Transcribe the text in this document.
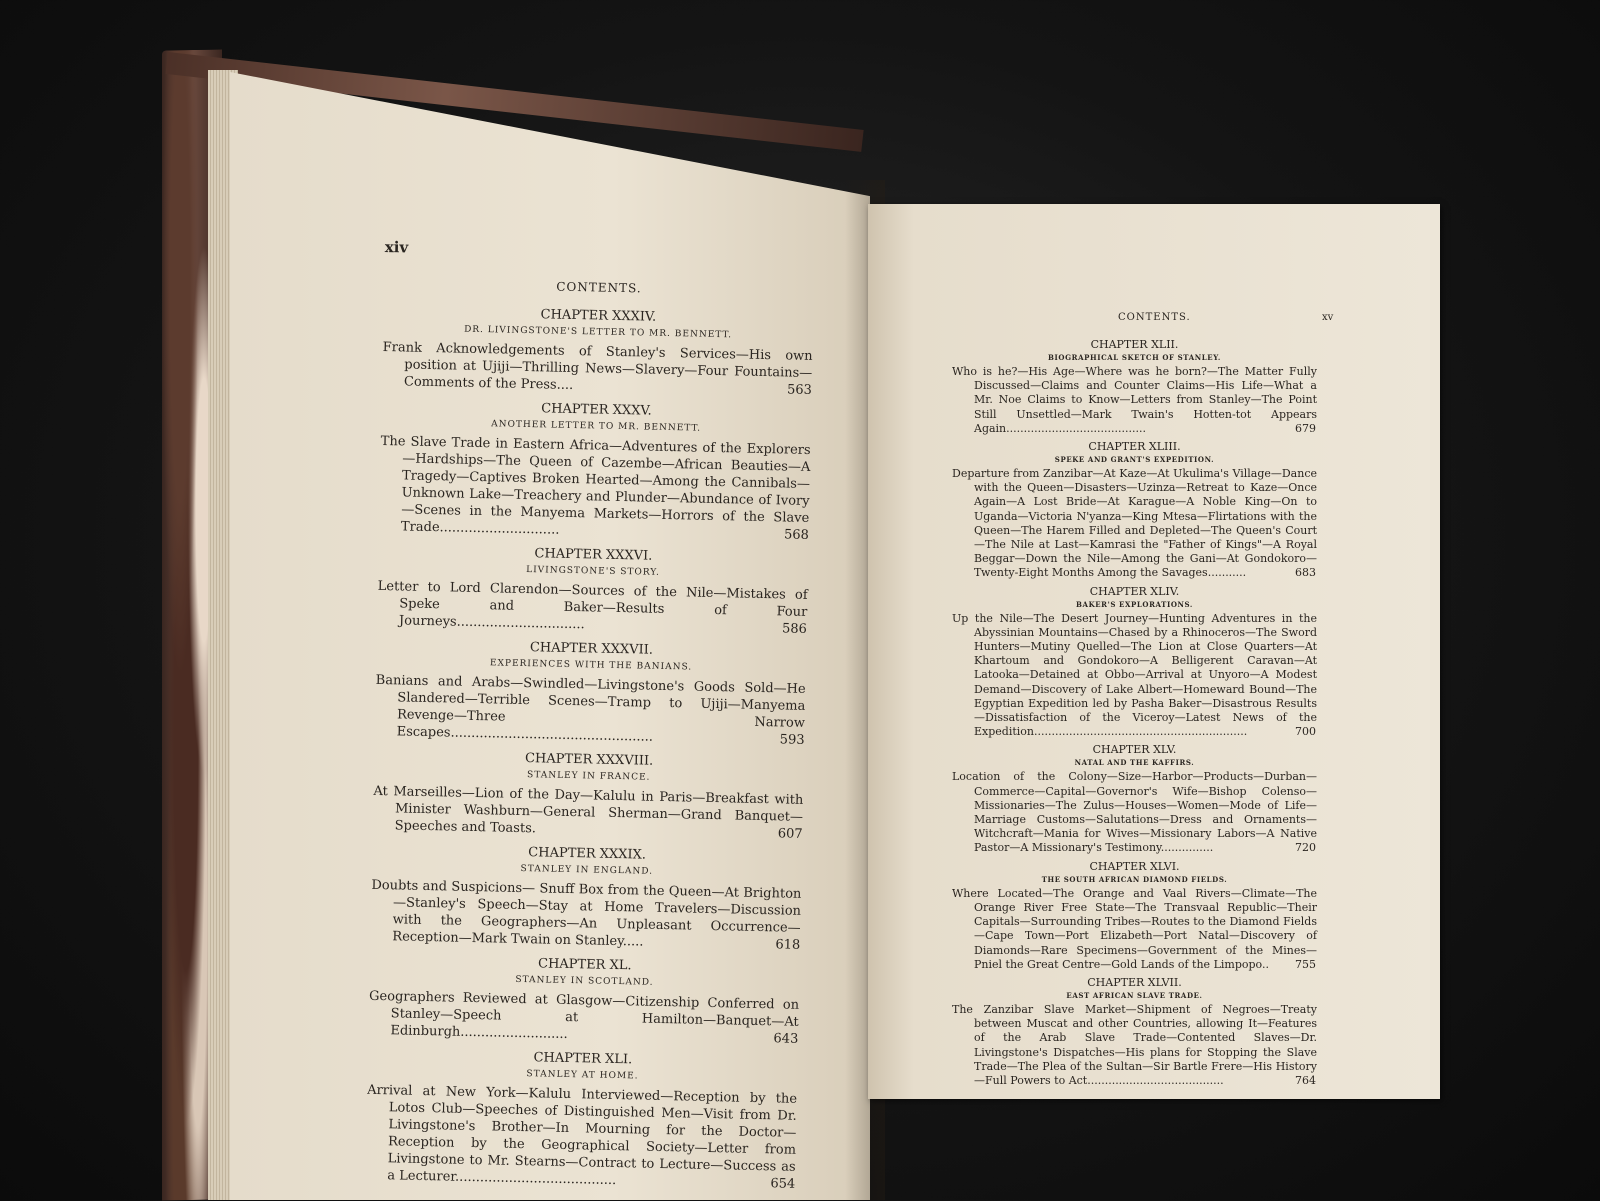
xiv
CONTENTS.
CHAPTER XXXIV.
DR. LIVINGSTONE'S LETTER TO MR. BENNETT.
Frank Acknowledgements of Stanley's Services—His own position at Ujiji—Thrilling News—Slavery—Four Fountains—Comments of the Press....	563
CHAPTER XXXV.
ANOTHER LETTER TO MR. BENNETT.
The Slave Trade in Eastern Africa—Adventures of the Explorers—Hardships—The Queen of Cazembe—African Beauties—A Tragedy—Captives Broken Hearted—Among the Cannibals—Unknown Lake—Treachery and Plunder—Abundance of Ivory—Scenes in the Manyema Markets—Horrors of the Slave Trade.............................	568
CHAPTER XXXVI.
LIVINGSTONE'S STORY.
Letter to Lord Clarendon—Sources of the Nile—Mistakes of Speke and Baker—Results of Four Journeys...............................	586
CHAPTER XXXVII.
EXPERIENCES WITH THE BANIANS.
Banians and Arabs—Swindled—Livingstone's Goods Sold—He Slandered—Terrible Scenes—Tramp to Ujiji—Manyema Revenge—Three Narrow Escapes.................................................	593
CHAPTER XXXVIII.
STANLEY IN FRANCE.
At Marseilles—Lion of the Day—Kalulu in Paris—Breakfast with Minister Washburn—General Sherman—Grand Banquet—Speeches and Toasts.	607
CHAPTER XXXIX.
STANLEY IN ENGLAND.
Doubts and Suspicions— Snuff Box from the Queen—At Brighton—Stanley's Speech—Stay at Home Travelers—Discussion with the Geographers—An Unpleasant Occurrence—Reception—Mark Twain on Stanley.....	618
CHAPTER XL.
STANLEY IN SCOTLAND.
Geographers Reviewed at Glasgow—Citizenship Conferred on Stanley—Speech at Hamilton—Banquet—At Edinburgh..........................	643
CHAPTER XLI.
STANLEY AT HOME.
Arrival at New York—Kalulu Interviewed—Reception by the Lotos Club—Speeches of Distinguished Men—Visit from Dr. Livingstone's Brother—In Mourning for the Doctor—Reception by the Geographical Society—Letter from Livingstone to Mr. Stearns—Contract to Lecture—Success as a Lecturer.......................................	654
CONTENTS.	xv
CHAPTER XLII.
BIOGRAPHICAL SKETCH OF STANLEY.
Who is he?—His Age—Where was he born?—The Matter Fully Discussed—Claims and Counter Claims—His Life—What a Mr. Noe Claims to Know—Letters from Stanley—The Point Still Unsettled—Mark Twain's Hotten-tot Appears Again........................................	679
CHAPTER XLIII.
SPEKE AND GRANT'S EXPEDITION.
Departure from Zanzibar—At Kaze—At Ukulima's Village—Dance with the Queen—Disasters—Uzinza—Retreat to Kaze—Once Again—A Lost Bride—At Karague—A Noble King—On to Uganda—Victoria N'yanza—King Mtesa—Flirtations with the Queen—The Harem Filled and Depleted—The Queen's Court—The Nile at Last—Kamrasi the "Father of Kings"—A Royal Beggar—Down the Nile—Among the Gani—At Gondokoro—Twenty-Eight Months Among the Savages...........	683
CHAPTER XLIV.
BAKER'S EXPLORATIONS.
Up the Nile—The Desert Journey—Hunting Adventures in the Abyssinian Mountains—Chased by a Rhinoceros—The Sword Hunters—Mutiny Quelled—The Lion at Close Quarters—At Khartoum and Gondokoro—A Belligerent Caravan—At Latooka—Detained at Obbo—Arrival at Unyoro—A Modest Demand—Discovery of Lake Albert—Homeward Bound—The Egyptian Expedition led by Pasha Baker—Disastrous Results—Dissatisfaction of the Viceroy—Latest News of the Expedition.............................................................	700
CHAPTER XLV.
NATAL AND THE KAFFIRS.
Location of the Colony—Size—Harbor—Products—Durban—Commerce—Capital—Governor's Wife—Bishop Colenso—Missionaries—The Zulus—Houses—Women—Mode of Life—Marriage Customs—Salutations—Dress and Ornaments—Witchcraft—Mania for Wives—Missionary Labors—A Native Pastor—A Missionary's Testimony...............	720
CHAPTER XLVI.
THE SOUTH AFRICAN DIAMOND FIELDS.
Where Located—The Orange and Vaal Rivers—Climate—The Orange River Free State—The Transvaal Republic—Their Capitals—Surrounding Tribes—Routes to the Diamond Fields—Cape Town—Port Elizabeth—Port Natal—Discovery of Diamonds—Rare Specimens—Government of the Mines—Pniel the Great Centre—Gold Lands of the Limpopo.. 755
CHAPTER XLVII.
EAST AFRICAN SLAVE TRADE.
The Zanzibar Slave Market—Shipment of Negroes—Treaty between Muscat and other Countries, allowing It—Features of the Arab Slave Trade—Contented Slaves—Dr. Livingstone's Dispatches—His plans for Stopping the Slave Trade—The Plea of the Sultan—Sir Bartle Frere—His History—Full Powers to Act.......................................	764
